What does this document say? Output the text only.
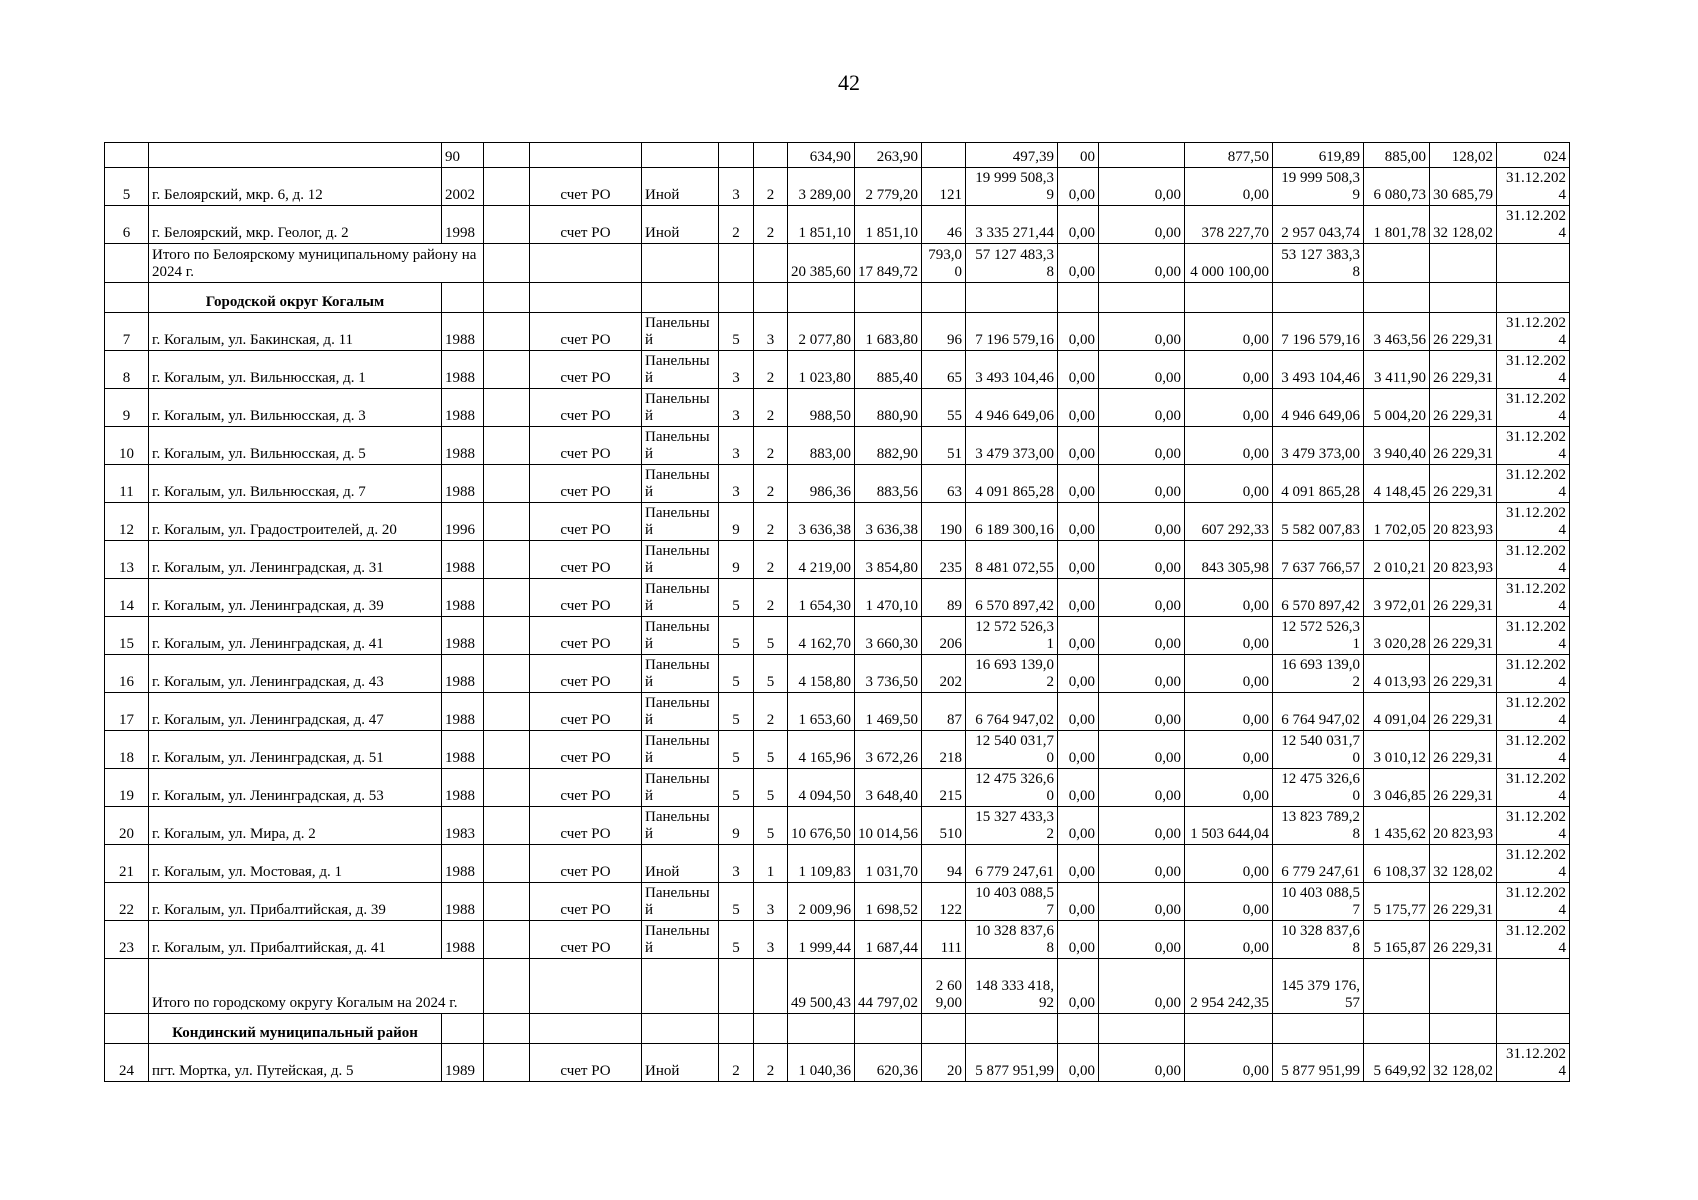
42
		90						634,90	263,90		497,39	00		877,50	619,89	885,00	128,02	024
5	г. Белоярский, мкр. 6, д. 12	2002		счет РО	Иной	3	2	3 289,00	2 779,20	121	19 999 508,39	0,00	0,00	0,00	19 999 508,39	6 080,73	30 685,79	31.12.2024
6	г. Белоярский, мкр. Геолог, д. 2	1998		счет РО	Иной	2	2	1 851,10	1 851,10	46	3 335 271,44	0,00	0,00	378 227,70	2 957 043,74	1 801,78	32 128,02	31.12.2024
	Итого по Белоярскому муниципальному району на 2024 г.							20 385,60	17 849,72	793,00	57 127 483,38	0,00	0,00	4 000 100,00	53 127 383,38			
	Городской округ Когалым																	
7	г. Когалым, ул. Бакинская, д. 11	1988		счет РО	Панельный	5	3	2 077,80	1 683,80	96	7 196 579,16	0,00	0,00	0,00	7 196 579,16	3 463,56	26 229,31	31.12.2024
8	г. Когалым, ул. Вильнюсская, д. 1	1988		счет РО	Панельный	3	2	1 023,80	885,40	65	3 493 104,46	0,00	0,00	0,00	3 493 104,46	3 411,90	26 229,31	31.12.2024
9	г. Когалым, ул. Вильнюсская, д. 3	1988		счет РО	Панельный	3	2	988,50	880,90	55	4 946 649,06	0,00	0,00	0,00	4 946 649,06	5 004,20	26 229,31	31.12.2024
10	г. Когалым, ул. Вильнюсская, д. 5	1988		счет РО	Панельный	3	2	883,00	882,90	51	3 479 373,00	0,00	0,00	0,00	3 479 373,00	3 940,40	26 229,31	31.12.2024
11	г. Когалым, ул. Вильнюсская, д. 7	1988		счет РО	Панельный	3	2	986,36	883,56	63	4 091 865,28	0,00	0,00	0,00	4 091 865,28	4 148,45	26 229,31	31.12.2024
12	г. Когалым, ул. Градостроителей, д. 20	1996		счет РО	Панельный	9	2	3 636,38	3 636,38	190	6 189 300,16	0,00	0,00	607 292,33	5 582 007,83	1 702,05	20 823,93	31.12.2024
13	г. Когалым, ул. Ленинградская, д. 31	1988		счет РО	Панельный	9	2	4 219,00	3 854,80	235	8 481 072,55	0,00	0,00	843 305,98	7 637 766,57	2 010,21	20 823,93	31.12.2024
14	г. Когалым, ул. Ленинградская, д. 39	1988		счет РО	Панельный	5	2	1 654,30	1 470,10	89	6 570 897,42	0,00	0,00	0,00	6 570 897,42	3 972,01	26 229,31	31.12.2024
15	г. Когалым, ул. Ленинградская, д. 41	1988		счет РО	Панельный	5	5	4 162,70	3 660,30	206	12 572 526,31	0,00	0,00	0,00	12 572 526,31	3 020,28	26 229,31	31.12.2024
16	г. Когалым, ул. Ленинградская, д. 43	1988		счет РО	Панельный	5	5	4 158,80	3 736,50	202	16 693 139,02	0,00	0,00	0,00	16 693 139,02	4 013,93	26 229,31	31.12.2024
17	г. Когалым, ул. Ленинградская, д. 47	1988		счет РО	Панельный	5	2	1 653,60	1 469,50	87	6 764 947,02	0,00	0,00	0,00	6 764 947,02	4 091,04	26 229,31	31.12.2024
18	г. Когалым, ул. Ленинградская, д. 51	1988		счет РО	Панельный	5	5	4 165,96	3 672,26	218	12 540 031,70	0,00	0,00	0,00	12 540 031,70	3 010,12	26 229,31	31.12.2024
19	г. Когалым, ул. Ленинградская, д. 53	1988		счет РО	Панельный	5	5	4 094,50	3 648,40	215	12 475 326,60	0,00	0,00	0,00	12 475 326,60	3 046,85	26 229,31	31.12.2024
20	г. Когалым, ул. Мира, д. 2	1983		счет РО	Панельный	9	5	10 676,50	10 014,56	510	15 327 433,32	0,00	0,00	1 503 644,04	13 823 789,28	1 435,62	20 823,93	31.12.2024
21	г. Когалым, ул. Мостовая, д. 1	1988		счет РО	Иной	3	1	1 109,83	1 031,70	94	6 779 247,61	0,00	0,00	0,00	6 779 247,61	6 108,37	32 128,02	31.12.2024
22	г. Когалым, ул. Прибалтийская, д. 39	1988		счет РО	Панельный	5	3	2 009,96	1 698,52	122	10 403 088,57	0,00	0,00	0,00	10 403 088,57	5 175,77	26 229,31	31.12.2024
23	г. Когалым, ул. Прибалтийская, д. 41	1988		счет РО	Панельный	5	3	1 999,44	1 687,44	111	10 328 837,68	0,00	0,00	0,00	10 328 837,68	5 165,87	26 229,31	31.12.2024
	Итого по городскому округу Когалым на 2024 г.							49 500,43	44 797,02	2 609,00	148 333 418,92	0,00	0,00	2 954 242,35	145 379 176,57			
	Кондинский муниципальный район																	
24	пгт. Мортка, ул. Путейская, д. 5	1989		счет РО	Иной	2	2	1 040,36	620,36	20	5 877 951,99	0,00	0,00	0,00	5 877 951,99	5 649,92	32 128,02	31.12.2024
